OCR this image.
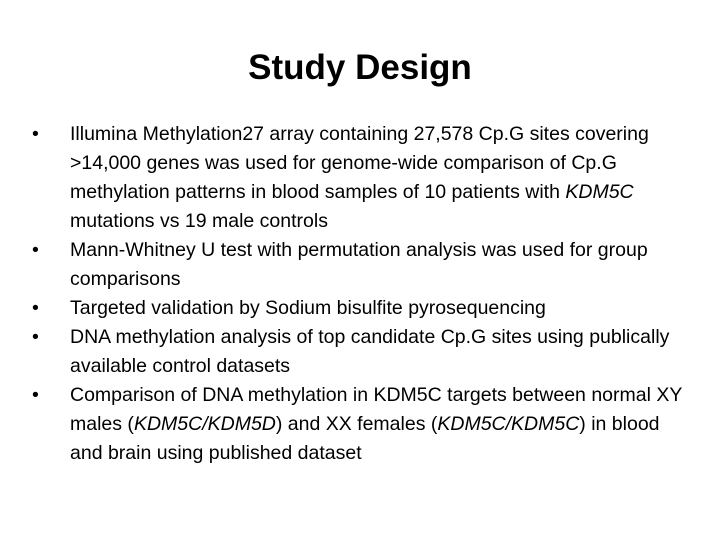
Study Design
•	Illumina Methylation27 array containing 27,578 Cp.G sites covering >14,000 genes was used for genome-wide comparison of Cp.G methylation patterns in blood samples of 10 patients with KDM5C mutations vs 19 male controls
•	Mann-Whitney U test with permutation analysis was used for group comparisons
•	Targeted validation by Sodium bisulfite pyrosequencing
•	DNA methylation analysis of top candidate Cp.G sites using publically available control datasets
•	Comparison of DNA methylation in KDM5C targets between normal XY males (KDM5C/KDM5D) and XX females (KDM5C/KDM5C) in blood and brain using published dataset
